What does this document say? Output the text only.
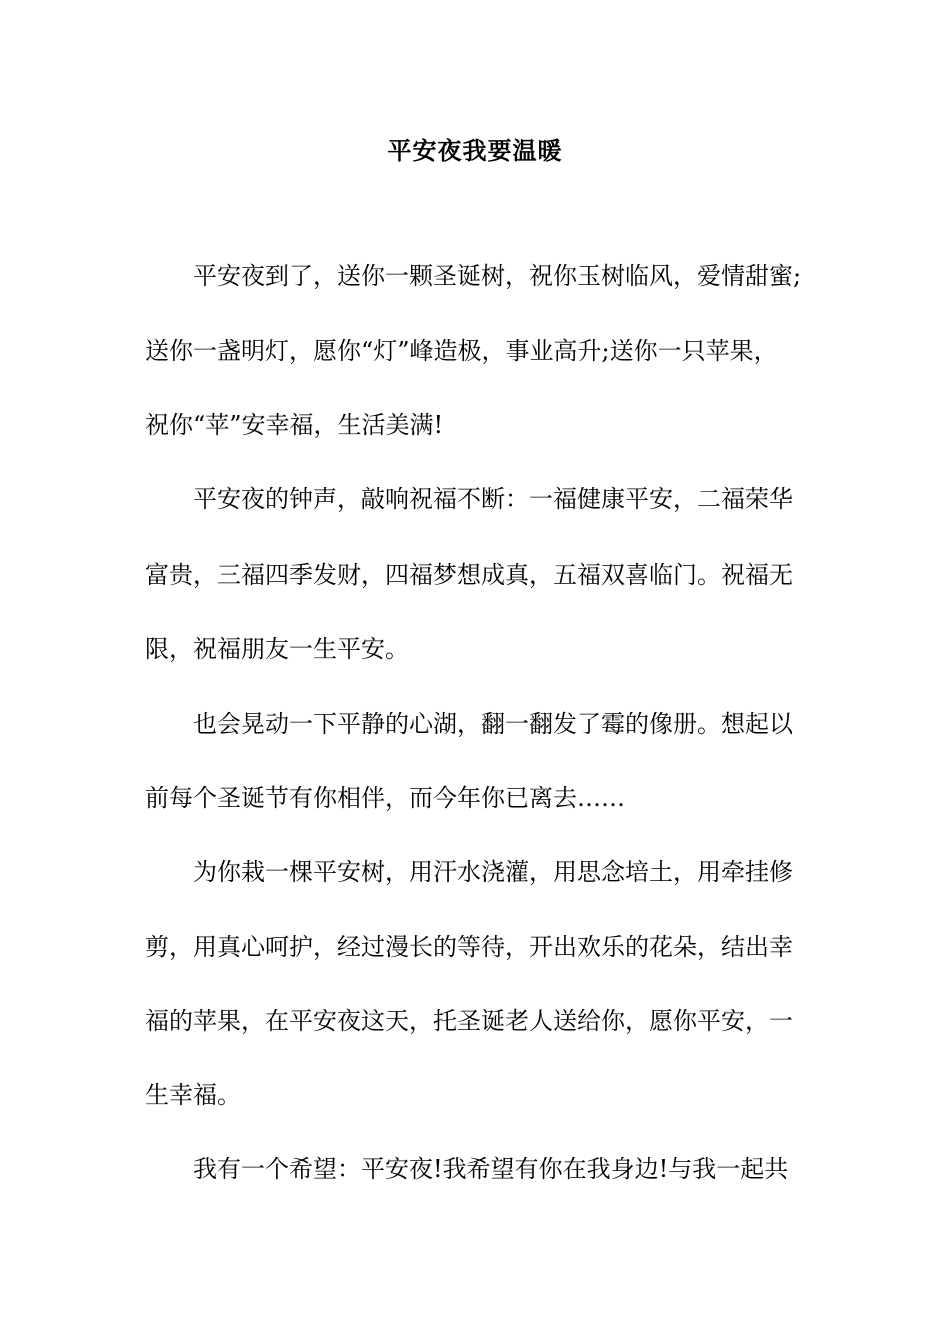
平安夜我要温暖
平安夜到了，送你一颗圣诞树，祝你玉树临风，爱情甜蜜;
送你一盏明灯，愿你“灯”峰造极，事业高升;送你一只苹果，
祝你“苹”安幸福，生活美满!
平安夜的钟声，敲响祝福不断：一福健康平安，二福荣华
富贵，三福四季发财，四福梦想成真，五福双喜临门。祝福无
限，祝福朋友一生平安。
也会晃动一下平静的心湖，翻一翻发了霉的像册。想起以
前每个圣诞节有你相伴，而今年你已离去……
为你栽一棵平安树，用汗水浇灌，用思念培土，用牵挂修
剪，用真心呵护，经过漫长的等待，开出欢乐的花朵，结出幸
福的苹果，在平安夜这天，托圣诞老人送给你，愿你平安，一
生幸福。
我有一个希望：平安夜!我希望有你在我身边!与我一起共
